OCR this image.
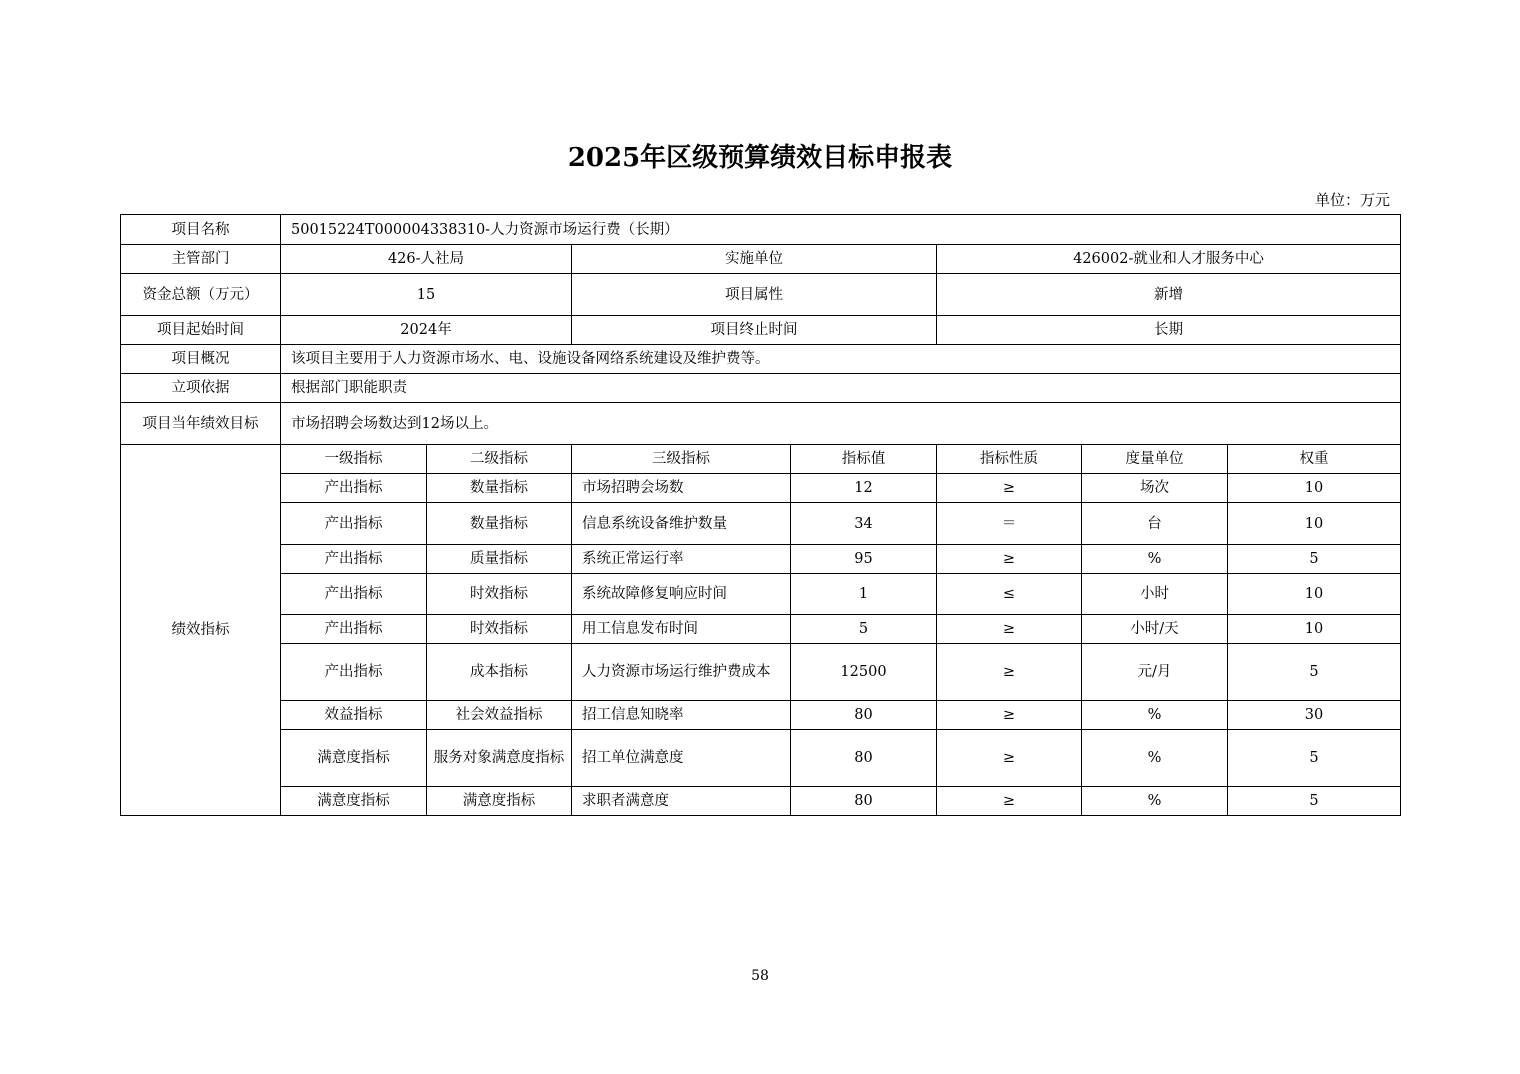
2025年区级预算绩效目标申报表
单位：万元
项目名称	50015224T000004338310-人力资源市场运行费（长期）						
主管部门	426-人社局		实施单位		426002-就业和人才服务中心		
资金总额（万元）	15		项目属性		新增		
项目起始时间	2024年		项目终止时间		长期		
项目概况	该项目主要用于人力资源市场水、电、设施设备网络系统建设及维护费等。						
立项依据	根据部门职能职责						
项目当年绩效目标	市场招聘会场数达到12场以上。						
绩效指标	一级指标	二级指标	三级指标	指标值	指标性质	度量单位	权重
	产出指标	数量指标	市场招聘会场数	12	≥	场次	10
	产出指标	数量指标	信息系统设备维护数量	34	＝	台	10
	产出指标	质量指标	系统正常运行率	95	≥	%	5
	产出指标	时效指标	系统故障修复响应时间	1	≤	小时	10
	产出指标	时效指标	用工信息发布时间	5	≥	小时/天	10
	产出指标	成本指标	人力资源市场运行维护费成本	12500	≥	元/月	5
	效益指标	社会效益指标	招工信息知晓率	80	≥	%	30
	满意度指标	服务对象满意度指标	招工单位满意度	80	≥	%	5
	满意度指标	满意度指标	求职者满意度	80	≥	%	5
58
